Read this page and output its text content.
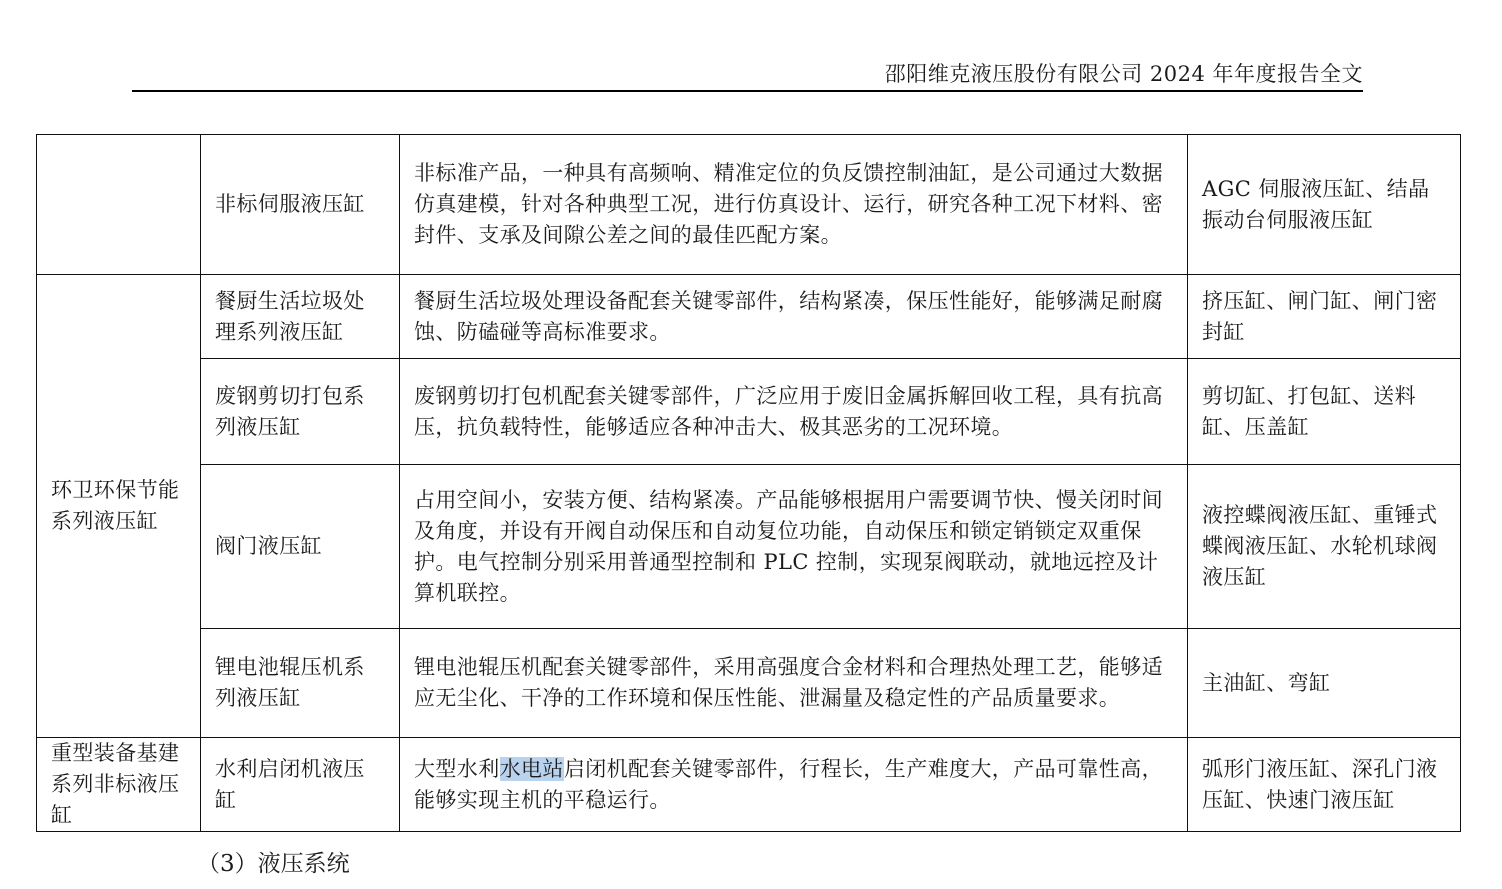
邵阳维克液压股份有限公司 2024 年年度报告全文
	非标伺服液压缸	非标准产品，一种具有高频响、精准定位的负反馈控制油缸，是公司通过大数据仿真建模，针对各种典型工况，进行仿真设计、运行，研究各种工况下材料、密封件、支承及间隙公差之间的最佳匹配方案。	AGC 伺服液压缸、结晶振动台伺服液压缸
环卫环保节能系列液压缸	餐厨生活垃圾处理系列液压缸	餐厨生活垃圾处理设备配套关键零部件，结构紧凑，保压性能好，能够满足耐腐蚀、防磕碰等高标准要求。	挤压缸、闸门缸、闸门密封缸
	废钢剪切打包系列液压缸	废钢剪切打包机配套关键零部件，广泛应用于废旧金属拆解回收工程，具有抗高压，抗负载特性，能够适应各种冲击大、极其恶劣的工况环境。	剪切缸、打包缸、送料缸、压盖缸
	阀门液压缸	占用空间小，安装方便、结构紧凑。产品能够根据用户需要调节快、慢关闭时间及角度，并设有开阀自动保压和自动复位功能，自动保压和锁定销锁定双重保护。电气控制分别采用普通型控制和 PLC 控制，实现泵阀联动，就地远控及计算机联控。	液控蝶阀液压缸、重锤式蝶阀液压缸、水轮机球阀液压缸
	锂电池辊压机系列液压缸	锂电池辊压机配套关键零部件，采用高强度合金材料和合理热处理工艺，能够适应无尘化、干净的工作环境和保压性能、泄漏量及稳定性的产品质量要求。	主油缸、弯缸
重型装备基建系列非标液压缸	水利启闭机液压缸	大型水利水电站启闭机配套关键零部件，行程长，生产难度大，产品可靠性高，能够实现主机的平稳运行。	弧形门液压缸、深孔门液压缸、快速门液压缸
（3）液压系统
